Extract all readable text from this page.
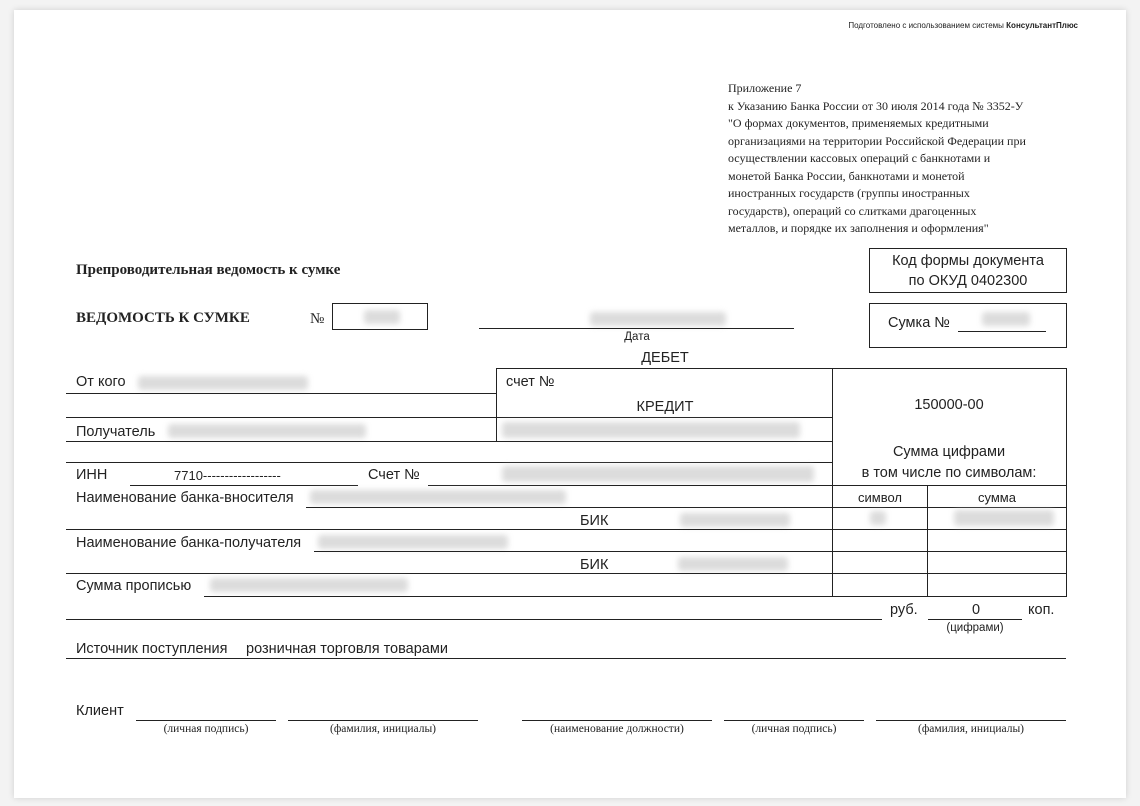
Подготовлено с использованием системы КонсультантПлюс
Приложение 7
к Указанию Банка России от 30 июля 2014 года № 3352-У
"О формах документов, применяемых кредитными
организациями на территории Российской Федерации при
осуществлении кассовых операций с банкнотами и
монетой Банка России, банкнотами и монетой
иностранных государств (группы иностранных
государств), операций со слитками драгоценных
металлов, и порядке их заполнения и оформления"
Код формы документа
по ОКУД 0402300
Препроводительная ведомость к сумке
ВЕДОМОСТЬ К СУМКЕ	№
Дата
Сумка №
ДЕБЕТ
150000-00
Сумма цифрами
в том числе по символам:
символ	сумма
счет №
КРЕДИТ
От кого
Получатель
ИНН	7710------------------	Счет №
Наименование банка-вносителя
БИК
Наименование банка-получателя
БИК
Сумма прописью
руб.	0	коп.
(цифрами)
Источник поступления розничная торговля товарами
Клиент
(личная подпись)	(фамилия, инициалы)	(наименование должности)	(личная подпись)	(фамилия, инициалы)
